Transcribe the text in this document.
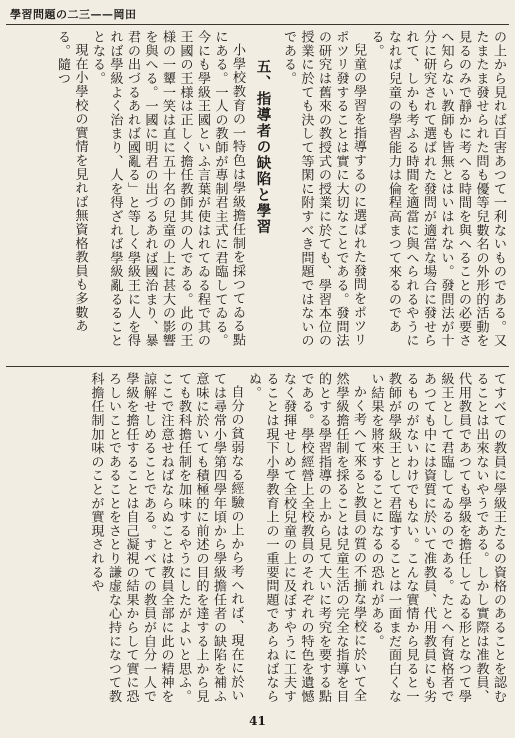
學習問題の二三——岡田

の上から見れば百害あつて一利ないものである。又たまたま發せられた問も優等兒數名の外形的活動を見るのみで靜かに考へる時間を與へることの必要さへ知らない教師も皆無とはいはれない。發問法が十分に研究されて選ばれた發問が適當な場合に發せられて、しかも考ふる時間を適當に與へられるやうになれば兒童の學習能力は倫程高まつて來るのである。

兒童の學習を指導するのに選ばれた發問をポツリポツリ發することは實に大切なことである。發問法の研究は舊來の教授式の授業に於ても、學習本位の授業に於ても決して等閑に附すべき問題ではないのである。

五、指導者の缺陷と學習

小學校教育の一特色は學級擔任制を採つてゐる點にある。一人の教師が專制君主式に君臨してゐる。今にも學級王國といふ言葉が使はれてゐる程で其の王國の王様は正しく擔任教師其の人である。此の王様の一顰一笑は直に五十名の兒童の上に甚大の影響を與へる。一國に明君の出づるあれば國治まり、暴君の出づるあれば國亂る」と等しく學級王に人を得れば學級よく治まり、人を得ざれば學級亂るることとなる。

現在小學校の實情を見れば無資格教員も多數ある。隨つ

てすべての教員に學級王たるの資格のあることを認むることは出來ないやうである。しかし實際は准教員、代用教員であつても學級を擔任してゐる形となつて學級王として君臨してゐるのである。たとへ有資格者であつても中には資質に於いて准教員、代用教員にも劣るものがないわけでもない。こんな實情から見ると一教師が學級王として君臨することは一面まだ面白くない結果を將來することになるの恐れがある。

かく考へて來ると教員の質の不揃な學校に於いて全然學級擔任制を採ることは兒童生活の完全な指導を目的とする學習指導の上から見て大いに考究を要する點である。學校經營上全校教員のそれぞれの特色を遺憾なく發揮せしめて全校兒童の上に及ぼすやうに工夫することは現下小學教育上の一重要問題であらねばならぬ。

自分の貧弱なる經驗の上から考へれば、現在に於いては尋常小學第四學年頃から學級擔任者の缺陷を補ふ意味に於いても積極的に前述の目的を達する上から見ても教科擔任制を加味するやうにしたがよいと思ふ。ここで注意せねばならぬことは教員全部に此の精神を諒解せしめることである。すべての教員が自分一人で學級を擔任することは自己凝視の結果からして實に恐ろしいことであることをさとり謙虚な心持になつて教科擔任制加味のことが實現されるや

41
